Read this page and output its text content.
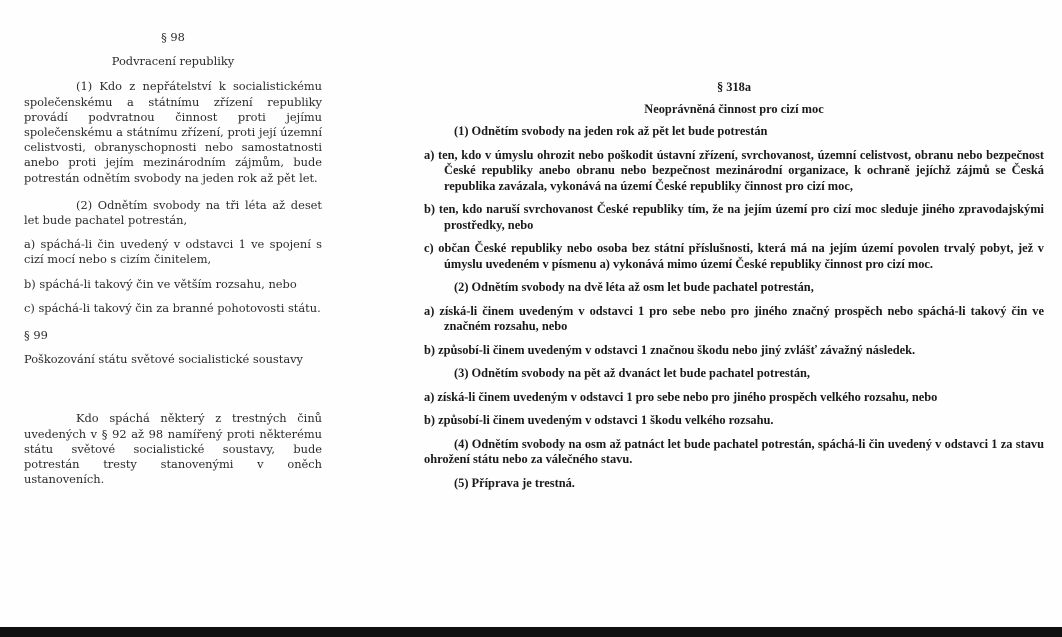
§ 98
Podvracení republiky

(1) Kdo z nepřátelství k socialistickému společenskému a státnímu zřízení republiky provádí podvratnou činnost proti jejímu společenskému a státnímu zřízení, proti její územní celistvosti, obranyschopnosti nebo samostatnosti anebo proti jejím mezinárodním zájmům, bude potrestán odnětím svobody na jeden rok až pět let.

(2) Odnětím svobody na tři léta až deset let bude pachatel potrestán,

a) spáchá-li čin uvedený v odstavci 1 ve spojení s cizí mocí nebo s cizím činitelem,

b) spáchá-li takový čin ve větším rozsahu, nebo

c) spáchá-li takový čin za branné pohotovosti státu.

§ 99

Poškozování státu světové socialistické soustavy

Kdo spáchá některý z trestných činů uvedených v § 92 až 98 namířený proti některému státu světové socialistické soustavy, bude potrestán tresty stanovenými v oněch ustanoveních.

§ 318a
Neoprávněná činnost pro cizí moc

(1) Odnětím svobody na jeden rok až pět let bude potrestán

a) ten, kdo v úmyslu ohrozit nebo poškodit ústavní zřízení, svrchovanost, územní celistvost, obranu nebo bezpečnost České republiky anebo obranu nebo bezpečnost mezinárodní organizace, k ochraně jejíchž zájmů se Česká republika zavázala, vykonává na území České republiky činnost pro cizí moc,

b) ten, kdo naruší svrchovanost České republiky tím, že na jejím území pro cizí moc sleduje jiného zpravodajskými prostředky, nebo

c) občan České republiky nebo osoba bez státní příslušnosti, která má na jejím území povolen trvalý pobyt, jež v úmyslu uvedeném v písmenu a) vykonává mimo území České republiky činnost pro cizí moc.

(2) Odnětím svobody na dvě léta až osm let bude pachatel potrestán,

a) získá-li činem uvedeným v odstavci 1 pro sebe nebo pro jiného značný prospěch nebo spáchá-li takový čin ve značném rozsahu, nebo

b) způsobí-li činem uvedeným v odstavci 1 značnou škodu nebo jiný zvlášť závažný následek.

(3) Odnětím svobody na pět až dvanáct let bude pachatel potrestán,

a) získá-li činem uvedeným v odstavci 1 pro sebe nebo pro jiného prospěch velkého rozsahu, nebo

b) způsobí-li činem uvedeným v odstavci 1 škodu velkého rozsahu.

(4) Odnětím svobody na osm až patnáct let bude pachatel potrestán, spáchá-li čin uvedený v odstavci 1 za stavu ohrožení státu nebo za válečného stavu.

(5) Příprava je trestná.
